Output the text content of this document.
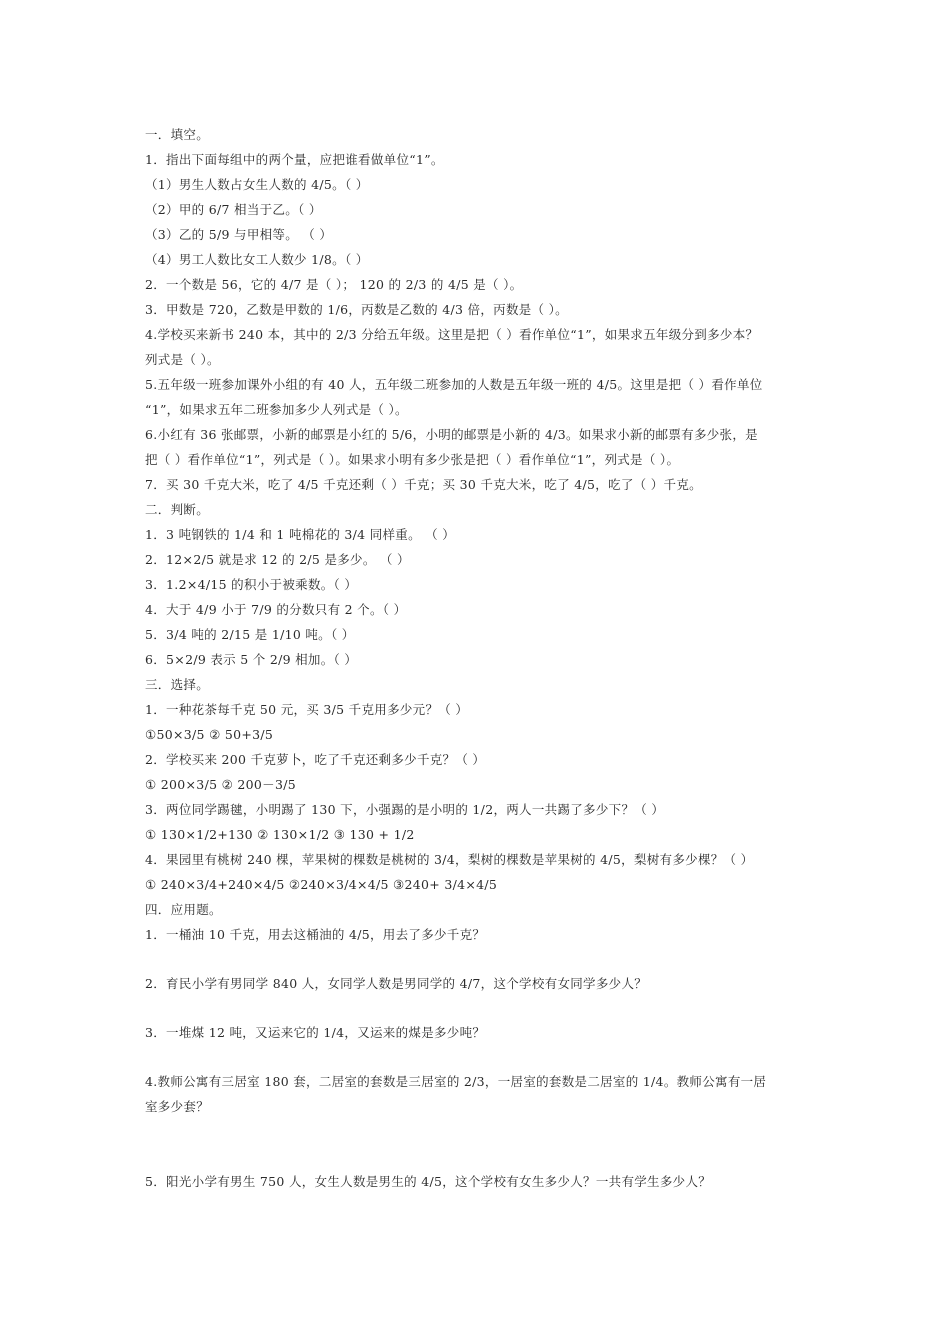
一．填空。
1．指出下面每组中的两个量，应把谁看做单位“1”。
（1）男生人数占女生人数的 4/5。（ ）
（2）甲的 6/7 相当于乙。（ ）
（3）乙的 5/9 与甲相等。 （ ）
（4）男工人数比女工人数少 1/8。（ ）
2．一个数是 56，它的 4/7 是（ ）； 120 的 2/3 的 4/5 是（ ）。
3．甲数是 720，乙数是甲数的 1/6，丙数是乙数的 4/3 倍，丙数是（ ）。
4.学校买来新书 240 本，其中的 2/3 分给五年级。这里是把（ ）看作单位“1”，如果求五年级分到多少本？
列式是（ ）。
5.五年级一班参加课外小组的有 40 人，五年级二班参加的人数是五年级一班的 4/5。这里是把（ ）看作单位
“1”，如果求五年二班参加多少人列式是（ ）。
6.小红有 36 张邮票，小新的邮票是小红的 5/6，小明的邮票是小新的 4/3。如果求小新的邮票有多少张，是
把（ ）看作单位“1”，列式是（ ）。如果求小明有多少张是把（ ）看作单位“1”，列式是（ ）。
7．买 30 千克大米，吃了 4/5 千克还剩（ ）千克；买 30 千克大米，吃了 4/5，吃了（ ）千克。
二．判断。
1．3 吨钢铁的 1/4 和 1 吨棉花的 3/4 同样重。 （ ）
2．12×2/5 就是求 12 的 2/5 是多少。 （ ）
3．1.2×4/15 的积小于被乘数。（ ）
4．大于 4/9 小于 7/9 的分数只有 2 个。（ ）
5．3/4 吨的 2/15 是 1/10 吨。（ ）
6．5×2/9 表示 5 个 2/9 相加。（ ）
三．选择。
1．一种花茶每千克 50 元，买 3/5 千克用多少元？（ ）
①50×3/5 ② 50+3/5
2．学校买来 200 千克萝卜，吃了千克还剩多少千克？（ ）
① 200×3/5 ② 200－3/5
3．两位同学踢毽，小明踢了 130 下，小强踢的是小明的 1/2，两人一共踢了多少下？（ ）
① 130×1/2+130 ② 130×1/2 ③ 130 + 1/2
4．果园里有桃树 240 棵，苹果树的棵数是桃树的 3/4，梨树的棵数是苹果树的 4/5，梨树有多少棵？（ ）
① 240×3/4+240×4/5 ②240×3/4×4/5 ③240+ 3/4×4/5
四．应用题。
1．一桶油 10 千克，用去这桶油的 4/5，用去了多少千克？
2．育民小学有男同学 840 人，女同学人数是男同学的 4/7，这个学校有女同学多少人？
3．一堆煤 12 吨，又运来它的 1/4，又运来的煤是多少吨？
4.教师公寓有三居室 180 套，二居室的套数是三居室的 2/3，一居室的套数是二居室的 1/4。教师公寓有一居
室多少套？
5．阳光小学有男生 750 人，女生人数是男生的 4/5，这个学校有女生多少人？一共有学生多少人？
